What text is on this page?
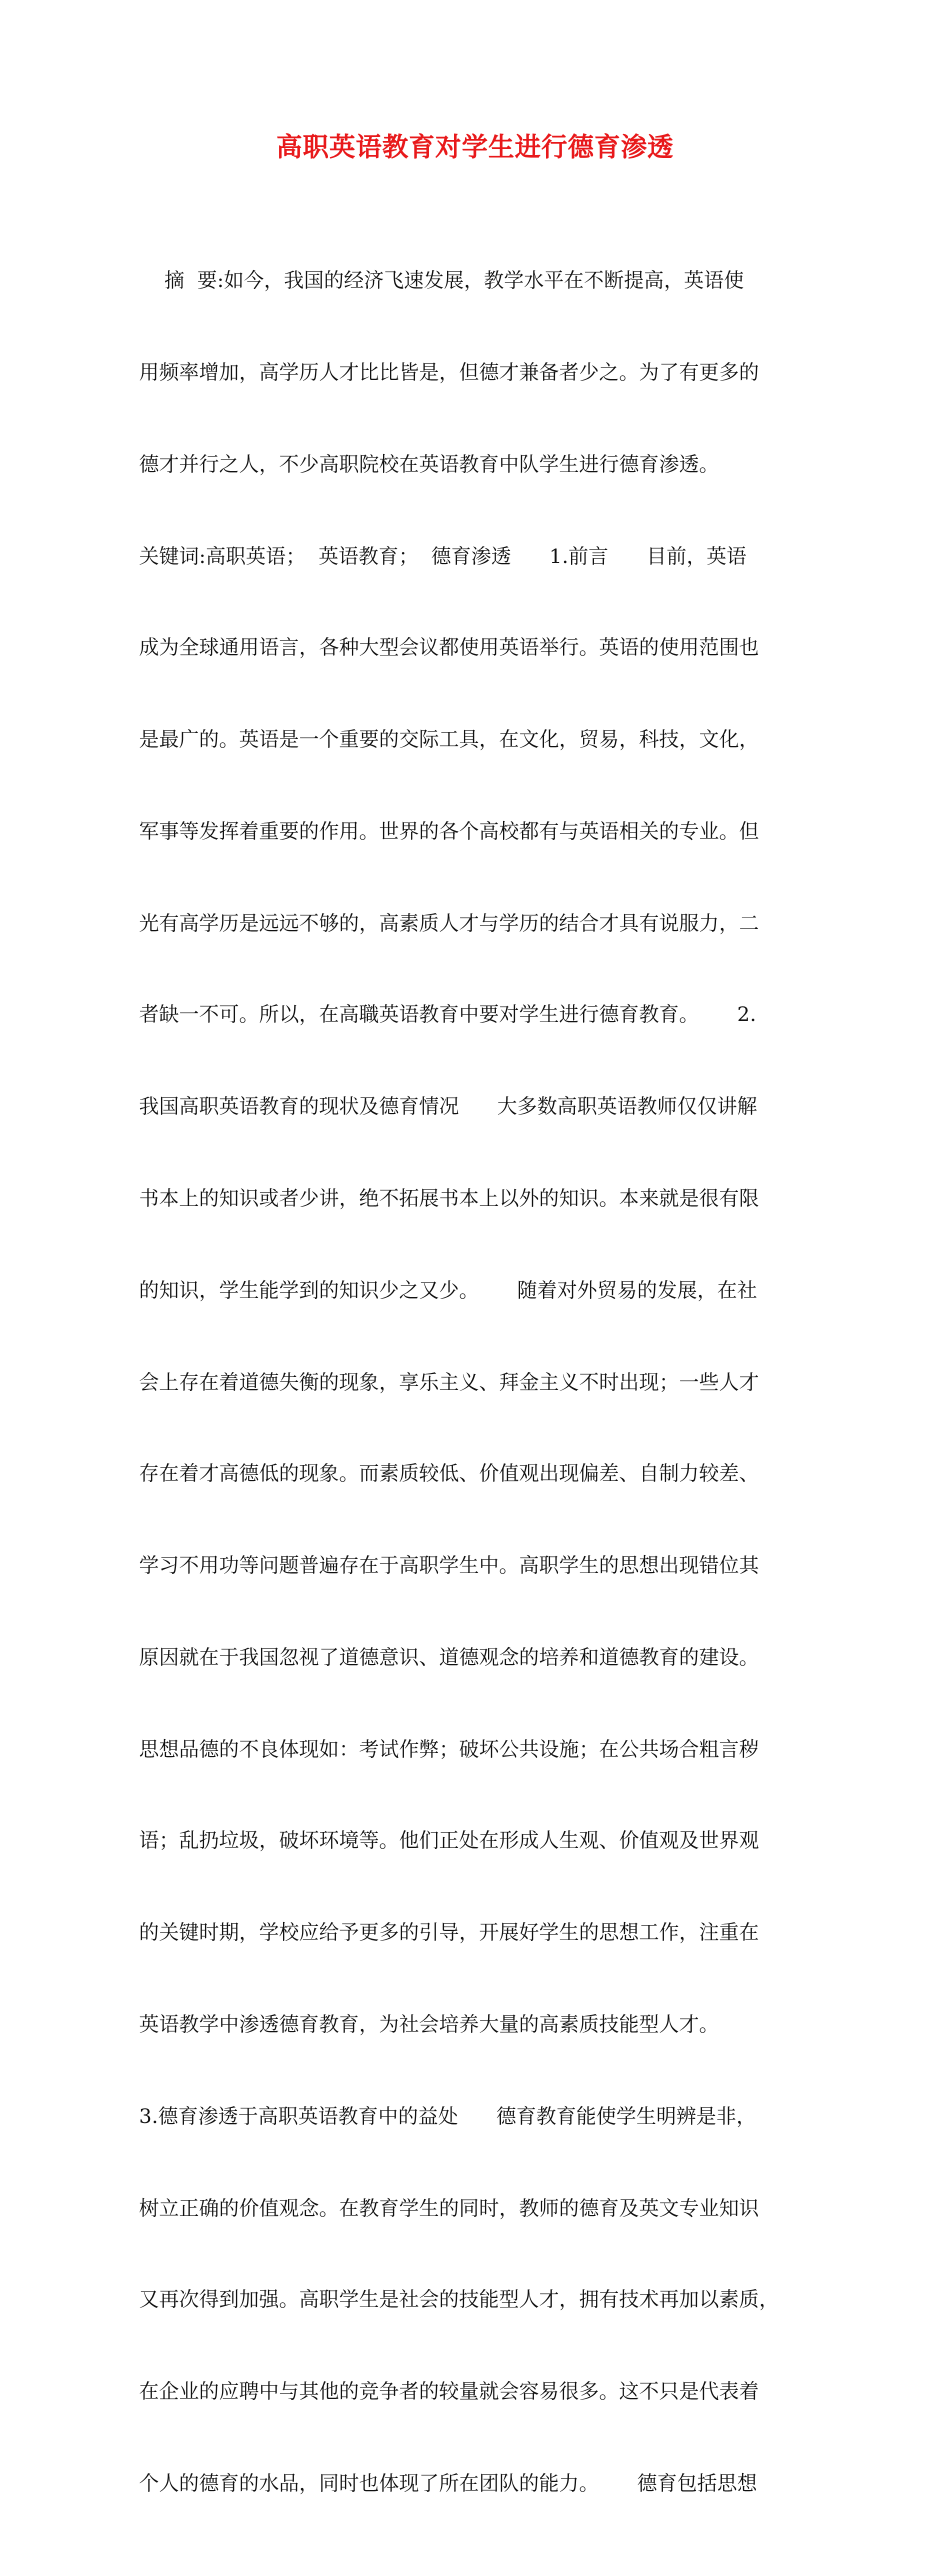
高职英语教育对学生进行德育渗透

摘  要:如今，我国的经济飞速发展，教学水平在不断提高，英语使

用频率增加，高学历人才比比皆是，但德才兼备者少之。为了有更多的

德才并行之人，不少高职院校在英语教育中队学生进行德育渗透。

关键词:高职英语；  英语教育；  德育渗透      1.前言      目前，英语

成为全球通用语言，各种大型会议都使用英语举行。英语的使用范围也

是最广的。英语是一个重要的交际工具，在文化，贸易，科技，文化，

军事等发挥着重要的作用。世界的各个高校都有与英语相关的专业。但

光有高学历是远远不够的，高素质人才与学历的结合才具有说服力，二

者缺一不可。所以，在高職英语教育中要对学生进行德育教育。      2.

我国高职英语教育的现状及德育情况      大多数高职英语教师仅仅讲解

书本上的知识或者少讲，绝不拓展书本上以外的知识。本来就是很有限

的知识，学生能学到的知识少之又少。      随着对外贸易的发展，在社

会上存在着道德失衡的现象，享乐主义、拜金主义不时出现；一些人才

存在着才高德低的现象。而素质较低、价值观出现偏差、自制力较差、

学习不用功等问题普遍存在于高职学生中。高职学生的思想出现错位其

原因就在于我国忽视了道德意识、道德观念的培养和道德教育的建设。

思想品德的不良体现如：考试作弊；破坏公共设施；在公共场合粗言秽

语；乱扔垃圾，破坏环境等。他们正处在形成人生观、价值观及世界观

的关键时期，学校应给予更多的引导，开展好学生的思想工作，注重在

英语教学中渗透德育教育，为社会培养大量的高素质技能型人才。

3.德育渗透于高职英语教育中的益处      德育教育能使学生明辨是非，

树立正确的价值观念。在教育学生的同时，教师的德育及英文专业知识

又再次得到加强。高职学生是社会的技能型人才，拥有技术再加以素质，

在企业的应聘中与其他的竞争者的较量就会容易很多。这不只是代表着

个人的德育的水品，同时也体现了所在团队的能力。      德育包括思想
